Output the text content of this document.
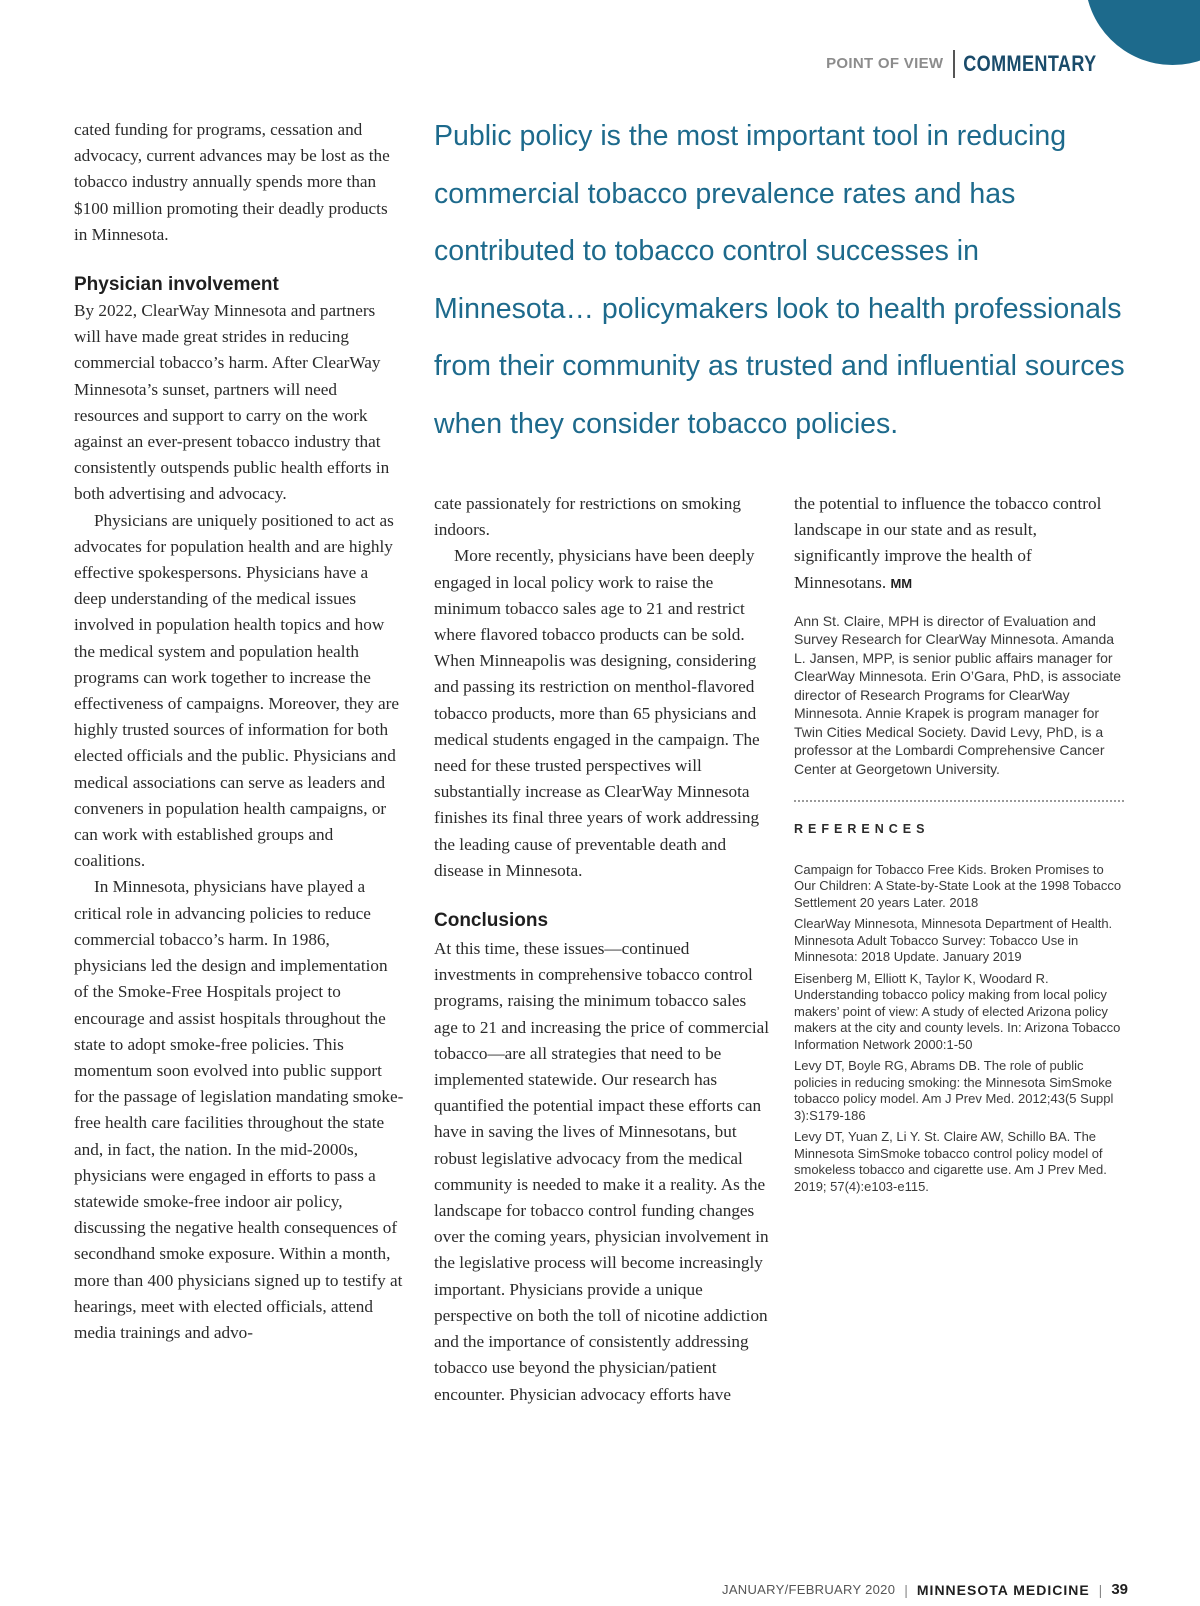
POINT OF VIEW COMMENTARY

cated funding for programs, cessation and advocacy, current advances may be lost as the tobacco industry annually spends more than $100 million promoting their deadly products in Minnesota.

Physician involvement

By 2022, ClearWay Minnesota and partners will have made great strides in reducing commercial tobacco’s harm. After ClearWay Minnesota’s sunset, partners will need resources and support to carry on the work against an ever-present tobacco industry that consistently outspends public health efforts in both advertising and advocacy.

Physicians are uniquely positioned to act as advocates for population health and are highly effective spokespersons. Physicians have a deep understanding of the medical issues involved in population health topics and how the medical system and population health programs can work together to increase the effectiveness of campaigns. Moreover, they are highly trusted sources of information for both elected officials and the public. Physicians and medical associations can serve as leaders and conveners in population health campaigns, or can work with established groups and coalitions.

In Minnesota, physicians have played a critical role in advancing policies to reduce commercial tobacco’s harm. In 1986, physicians led the design and implementation of the Smoke-Free Hospitals project to encourage and assist hospitals throughout the state to adopt smoke-free policies. This momentum soon evolved into public support for the passage of legislation mandating smoke-free health care facilities throughout the state and, in fact, the nation. In the mid-2000s, physicians were engaged in efforts to pass a statewide smoke-free indoor air policy, discussing the negative health consequences of secondhand smoke exposure. Within a month, more than 400 physicians signed up to testify at hearings, meet with elected officials, attend media trainings and advo-

Public policy is the most important tool in reducing commercial tobacco prevalence rates and has contributed to tobacco control successes in Minnesota… policymakers look to health professionals from their community as trusted and influential sources when they consider tobacco policies.

cate passionately for restrictions on smoking indoors.

More recently, physicians have been deeply engaged in local policy work to raise the minimum tobacco sales age to 21 and restrict where flavored tobacco products can be sold. When Minneapolis was designing, considering and passing its restriction on menthol-flavored tobacco products, more than 65 physicians and medical students engaged in the campaign. The need for these trusted perspectives will substantially increase as ClearWay Minnesota finishes its final three years of work addressing the leading cause of preventable death and disease in Minnesota.

Conclusions

At this time, these issues—continued investments in comprehensive tobacco control programs, raising the minimum tobacco sales age to 21 and increasing the price of commercial tobacco—are all strategies that need to be implemented statewide. Our research has quantified the potential impact these efforts can have in saving the lives of Minnesotans, but robust legislative advocacy from the medical community is needed to make it a reality. As the landscape for tobacco control funding changes over the coming years, physician involvement in the legislative process will become increasingly important. Physicians provide a unique perspective on both the toll of nicotine addiction and the importance of consistently addressing tobacco use beyond the physician/patient encounter. Physician advocacy efforts have

the potential to influence the tobacco control landscape in our state and as result, significantly improve the health of Minnesotans. MM

Ann St. Claire, MPH is director of Evaluation and Survey Research for ClearWay Minnesota. Amanda L. Jansen, MPP, is senior public affairs manager for ClearWay Minnesota. Erin O’Gara, PhD, is associate director of Research Programs for ClearWay Minnesota. Annie Krapek is program manager for Twin Cities Medical Society. David Levy, PhD, is a professor at the Lombardi Comprehensive Cancer Center at Georgetown University.

REFERENCES
Campaign for Tobacco Free Kids. Broken Promises to Our Children: A State-by-State Look at the 1998 Tobacco Settlement 20 years Later. 2018
ClearWay Minnesota, Minnesota Department of Health. Minnesota Adult Tobacco Survey: Tobacco Use in Minnesota: 2018 Update. January 2019
Eisenberg M, Elliott K, Taylor K, Woodard R. Understanding tobacco policy making from local policy makers’ point of view: A study of elected Arizona policy makers at the city and county levels. In: Arizona Tobacco Information Network 2000:1-50
Levy DT, Boyle RG, Abrams DB. The role of public policies in reducing smoking: the Minnesota SimSmoke tobacco policy model. Am J Prev Med. 2012;43(5 Suppl 3):S179-186
Levy DT, Yuan Z, Li Y. St. Claire AW, Schillo BA. The Minnesota SimSmoke tobacco control policy model of smokeless tobacco and cigarette use. Am J Prev Med. 2019; 57(4):e103-e115.
JANUARY/FEBRUARY 2020 | MINNESOTA MEDICINE | 39
